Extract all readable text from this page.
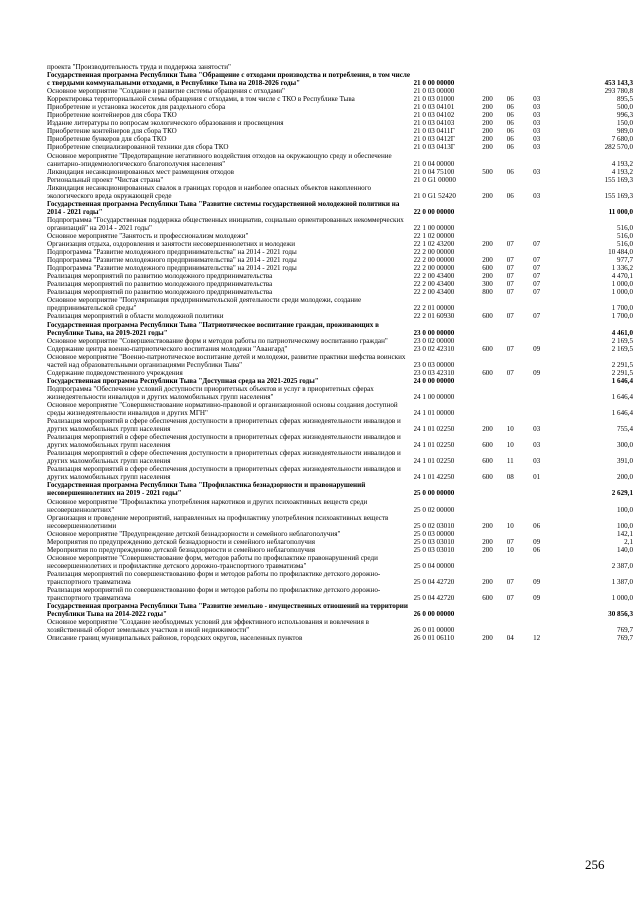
проекта "Производительность труда и поддержка занятости"					
Государственная программа Республики Тыва "Обращение с отходами производства и потребления, в том числе с твердыми коммунальными отходами, в Республике Тыва на 2018-2026 годы"	21 0 00 00000				453 143,3
Основное мероприятие "Создание и развитие системы обращения с отходами"	21 0 03 00000				293 780,8
Корректировка территориальной схемы обращения с отходами, в том числе с ТКО в Республике Тыва	21 0 03 01000	200	06	03	895,5
Приобретение и установка экосеток для раздельного сбора	21 0 03 04101	200	06	03	500,0
Приобретение контейнеров для сбора ТКО	21 0 03 04102	200	06	03	996,3
Издание литературы по вопросам экологического образования и просвещения	21 0 03 04103	200	06	03	150,0
Приобретение контейнеров для сбора ТКО	21 0 03 0411Г	200	06	03	989,0
Приобретение бункеров для сбора ТКО	21 0 03 0412Г	200	06	03	7 680,0
Приобретение специализированной техники для сбора ТКО	21 0 03 0413Г	200	06	03	282 570,0
Основное мероприятие "Предотвращение негативного воздействия отходов на окружающую среду и обеспечение санитарно-эпидемиологического благополучия населения"	21 0 04 00000				4 193,2
Ликвидация несанкционированных мест размещения отходов	21 0 04 75100	500	06	03	4 193,2
Региональный проект "Чистая страна"	21 0 G1 00000				155 169,3
Ликвидация несанкционированных свалок в границах городов и наиболее опасных объектов накопленного экологического вреда окружающей среде	21 0 G1 52420	200	06	03	155 169,3
Государственная программа Республики Тыва "Развитие системы государственной молодежной политики на 2014 - 2021 годы"	22 0 00 00000				11 000,0
Подпрограмма "Государственная поддержка общественных инициатив, социально ориентированных некоммерческих организаций" на 2014 - 2021 годы"	22 1 00 00000				516,0
Основное мероприятие "Занятость и профессионализм молодежи"	22 1 02 00000				516,0
Организация отдыха, оздоровления и занятости несовершеннолетних и молодежи	22 1 02 43200	200	07	07	516,0
Подпрограмма "Развитие молодежного предпринимательства" на 2014 - 2021 годы	22 2 00 00000				10 484,0
Подпрограмма "Развитие молодежного предпринимательства" на 2014 - 2021 годы	22 2 00 00000	200	07	07	977,7
Подпрограмма "Развитие молодежного предпринимательства" на 2014 - 2021 годы	22 2 00 00000	600	07	07	1 336,2
Реализация мероприятий по развитию молодежного предпринимательства	22 2 00 43400	200	07	07	4 470,1
Реализация мероприятий по развитию молодежного предпринимательства	22 2 00 43400	300	07	07	1 000,0
Реализация мероприятий по развитию молодежного предпринимательства	22 2 00 43400	800	07	07	1 000,0
Основное мероприятие "Популяризация предпринимательской деятельности среди молодежи, создание предпринимательской среды"	22 2 01 00000				1 700,0
Реализация мероприятий в области молодежной политики	22 2 01 60930	600	07	07	1 700,0
Государственная программа Республики Тыва "Патриотическое воспитание граждан, проживающих в Республике Тыва, на 2019-2021 годы"	23 0 00 00000				4 461,0
Основное мероприятие "Совершенствование форм и методов работы по патриотическому воспитанию граждан"	23 0 02 00000				2 169,5
Содержание центра военно-патриотического воспитания молодежи "Авангард"	23 0 02 42310	600	07	09	2 169,5
Основное мероприятие "Военно-патриотическое воспитание детей и молодежи, развитие практики шефства воинских частей над образовательными организациями Республики Тыва"	23 0 03 00000				2 291,5
Содержание подведомственного учреждения	23 0 03 42310	600	07	09	2 291,5
Государственная программа Республики Тыва "Доступная среда на 2021-2025 годы"	24 0 00 00000				1 646,4
Подпрограмма "Обеспечение условий доступности приоритетных объектов и услуг в приоритетных сферах жизнедеятельности инвалидов и других маломобильных групп населения"	24 1 00 00000				1 646,4
Основное мероприятие "Совершенствование нормативно-правовой и организационной основы создания доступной среды жизнедеятельности инвалидов и других МГН"	24 1 01 00000				1 646,4
Реализация мероприятий в сфере обеспечения доступности в приоритетных сферах жизнедеятельности инвалидов и других маломобильных групп населения	24 1 01 02250	200	10	03	755,4
Реализация мероприятий в сфере обеспечения доступности в приоритетных сферах жизнедеятельности инвалидов и других маломобильных групп населения	24 1 01 02250	600	10	03	300,0
Реализация мероприятий в сфере обеспечения доступности в приоритетных сферах жизнедеятельности инвалидов и других маломобильных групп населения	24 1 01 02250	600	11	03	391,0
Реализация мероприятий в сфере обеспечения доступности в приоритетных сферах жизнедеятельности инвалидов и других маломобильных групп населения	24 1 01 42250	600	08	01	200,0
Государственная программа Республики Тыва "Профилактика безнадзорности и правонарушений несовершеннолетних на 2019 - 2021 годы"	25 0 00 00000				2 629,1
Основное мероприятие "Профилактика употребления наркотиков и других психоактивных веществ среди несовершеннолетних"	25 0 02 00000				100,0
Организация и проведение мероприятий, направленных на профилактику употребления психоактивных веществ несовершеннолетними	25 0 02 03010	200	10	06	100,0
Основное мероприятие "Предупреждение детской безнадзорности и семейного неблагополучия"	25 0 03 00000				142,1
Мероприятия по предупреждению детской безнадзорности и семейного неблагополучия	25 0 03 03010	200	07	09	2,1
Мероприятия по предупреждению детской безнадзорности и семейного неблагополучия	25 0 03 03010	200	10	06	140,0
Основное мероприятие "Совершенствование форм, методов работы по профилактике правонарушений среди несовершеннолетних и профилактике детского дорожно-транспортного травматизма"	25 0 04 00000				2 387,0
Реализация мероприятий по совершенствованию форм и методов работы по профилактике детского дорожно-транспортного травматизма	25 0 04 42720	200	07	09	1 387,0
Реализация мероприятий по совершенствованию форм и методов работы по профилактике детского дорожно-транспортного травматизма	25 0 04 42720	600	07	09	1 000,0
Государственная программа Республики Тыва "Развитие земельно - имущественных отношений на территории Республики Тыва на 2014-2022 годы"	26 0 00 00000				30 856,3
Основное мероприятие "Создание необходимых условий для эффективного использования и вовлечения в хозяйственный оборот земельных участков и иной недвижимости"	26 0 01 00000				769,7
Описание границ муниципальных районов, городских округов, населенных пунктов	26 0 01 06110	200	04	12	769,7
256
